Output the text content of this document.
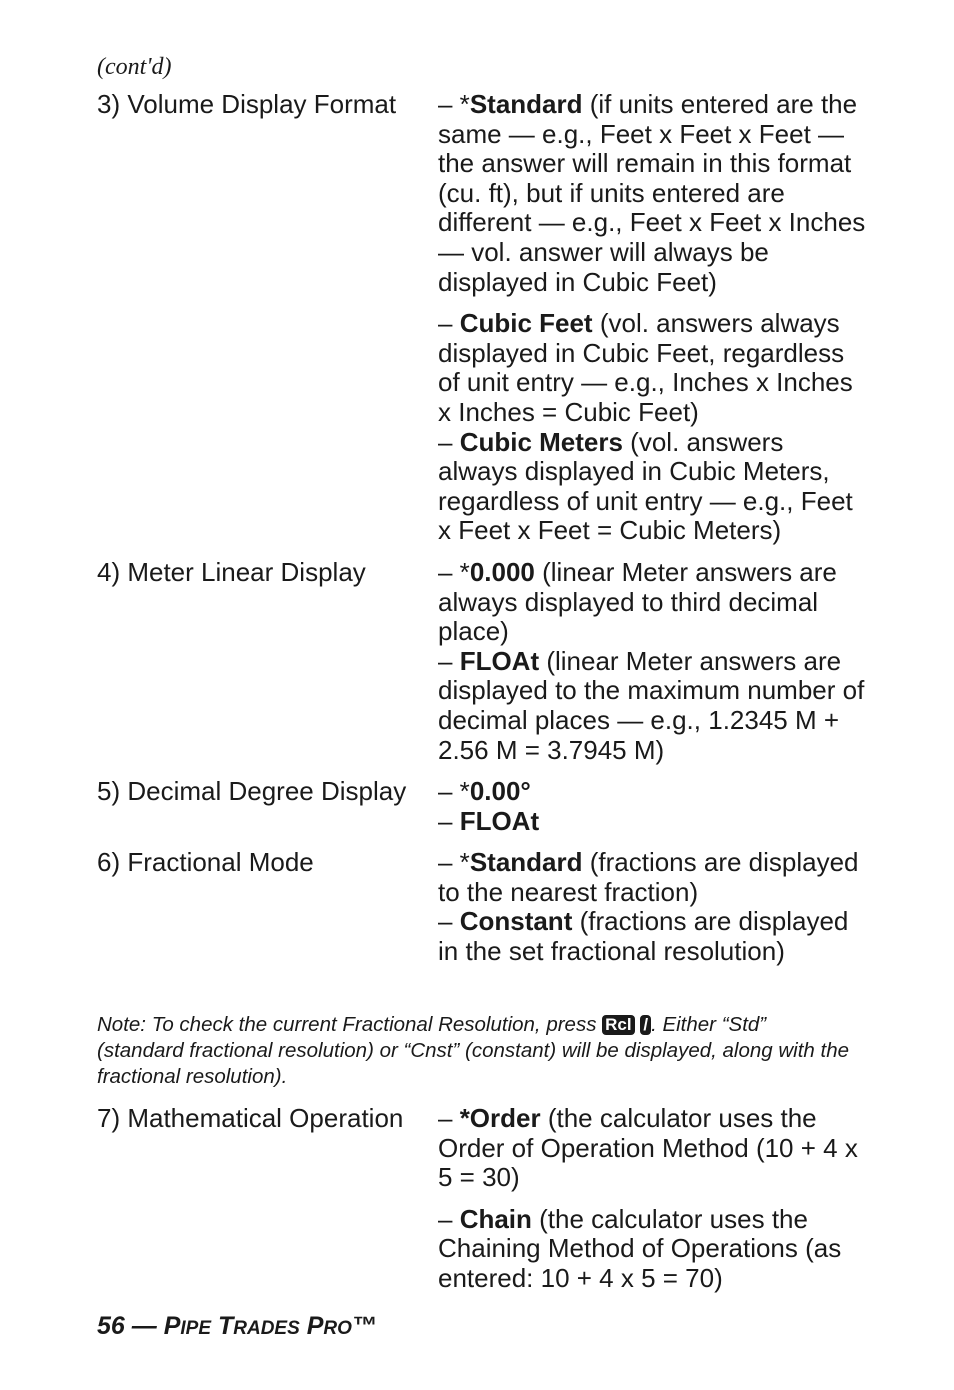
(cont'd)
3) Volume Display Format – *Standard (if units entered are the same — e.g., Feet x Feet x Feet — the answer will remain in this format (cu. ft), but if units entered are different — e.g., Feet x Feet x Inches — vol. answer will always be displayed in Cubic Feet)

– Cubic Feet (vol. answers always displayed in Cubic Feet, regardless of unit entry — e.g., Inches x Inches x Inches = Cubic Feet)

– Cubic Meters (vol. answers always displayed in Cubic Meters, regardless of unit entry — e.g., Feet x Feet x Feet = Cubic Meters)

4) Meter Linear Display	– *0.000 (linear Meter answers are always displayed to third decimal place)

– FLOAt (linear Meter answers are displayed to the maximum number of decimal places — e.g., 1.2345 M + 2.56 M = 3.7945 M)

5) Decimal Degree Display – *0.00°

– FLOAt

6) Fractional Mode	– *Standard (fractions are displayed to the nearest fraction)

– Constant (fractions are displayed in the set fractional resolution)

Note: To check the current Fractional Resolution, press Rcl / . Either “Std” (standard fractional resolution) or “Cnst” (constant) will be displayed, along with the fractional resolution).
7) Mathematical Operation – *Order (the calculator uses the Order of Operation Method (10 + 4 x 5 = 30)

– Chain (the calculator uses the Chaining Method of Operations (as entered: 10 + 4 x 5 = 70)

56 — PIPE TRADES PRO™
